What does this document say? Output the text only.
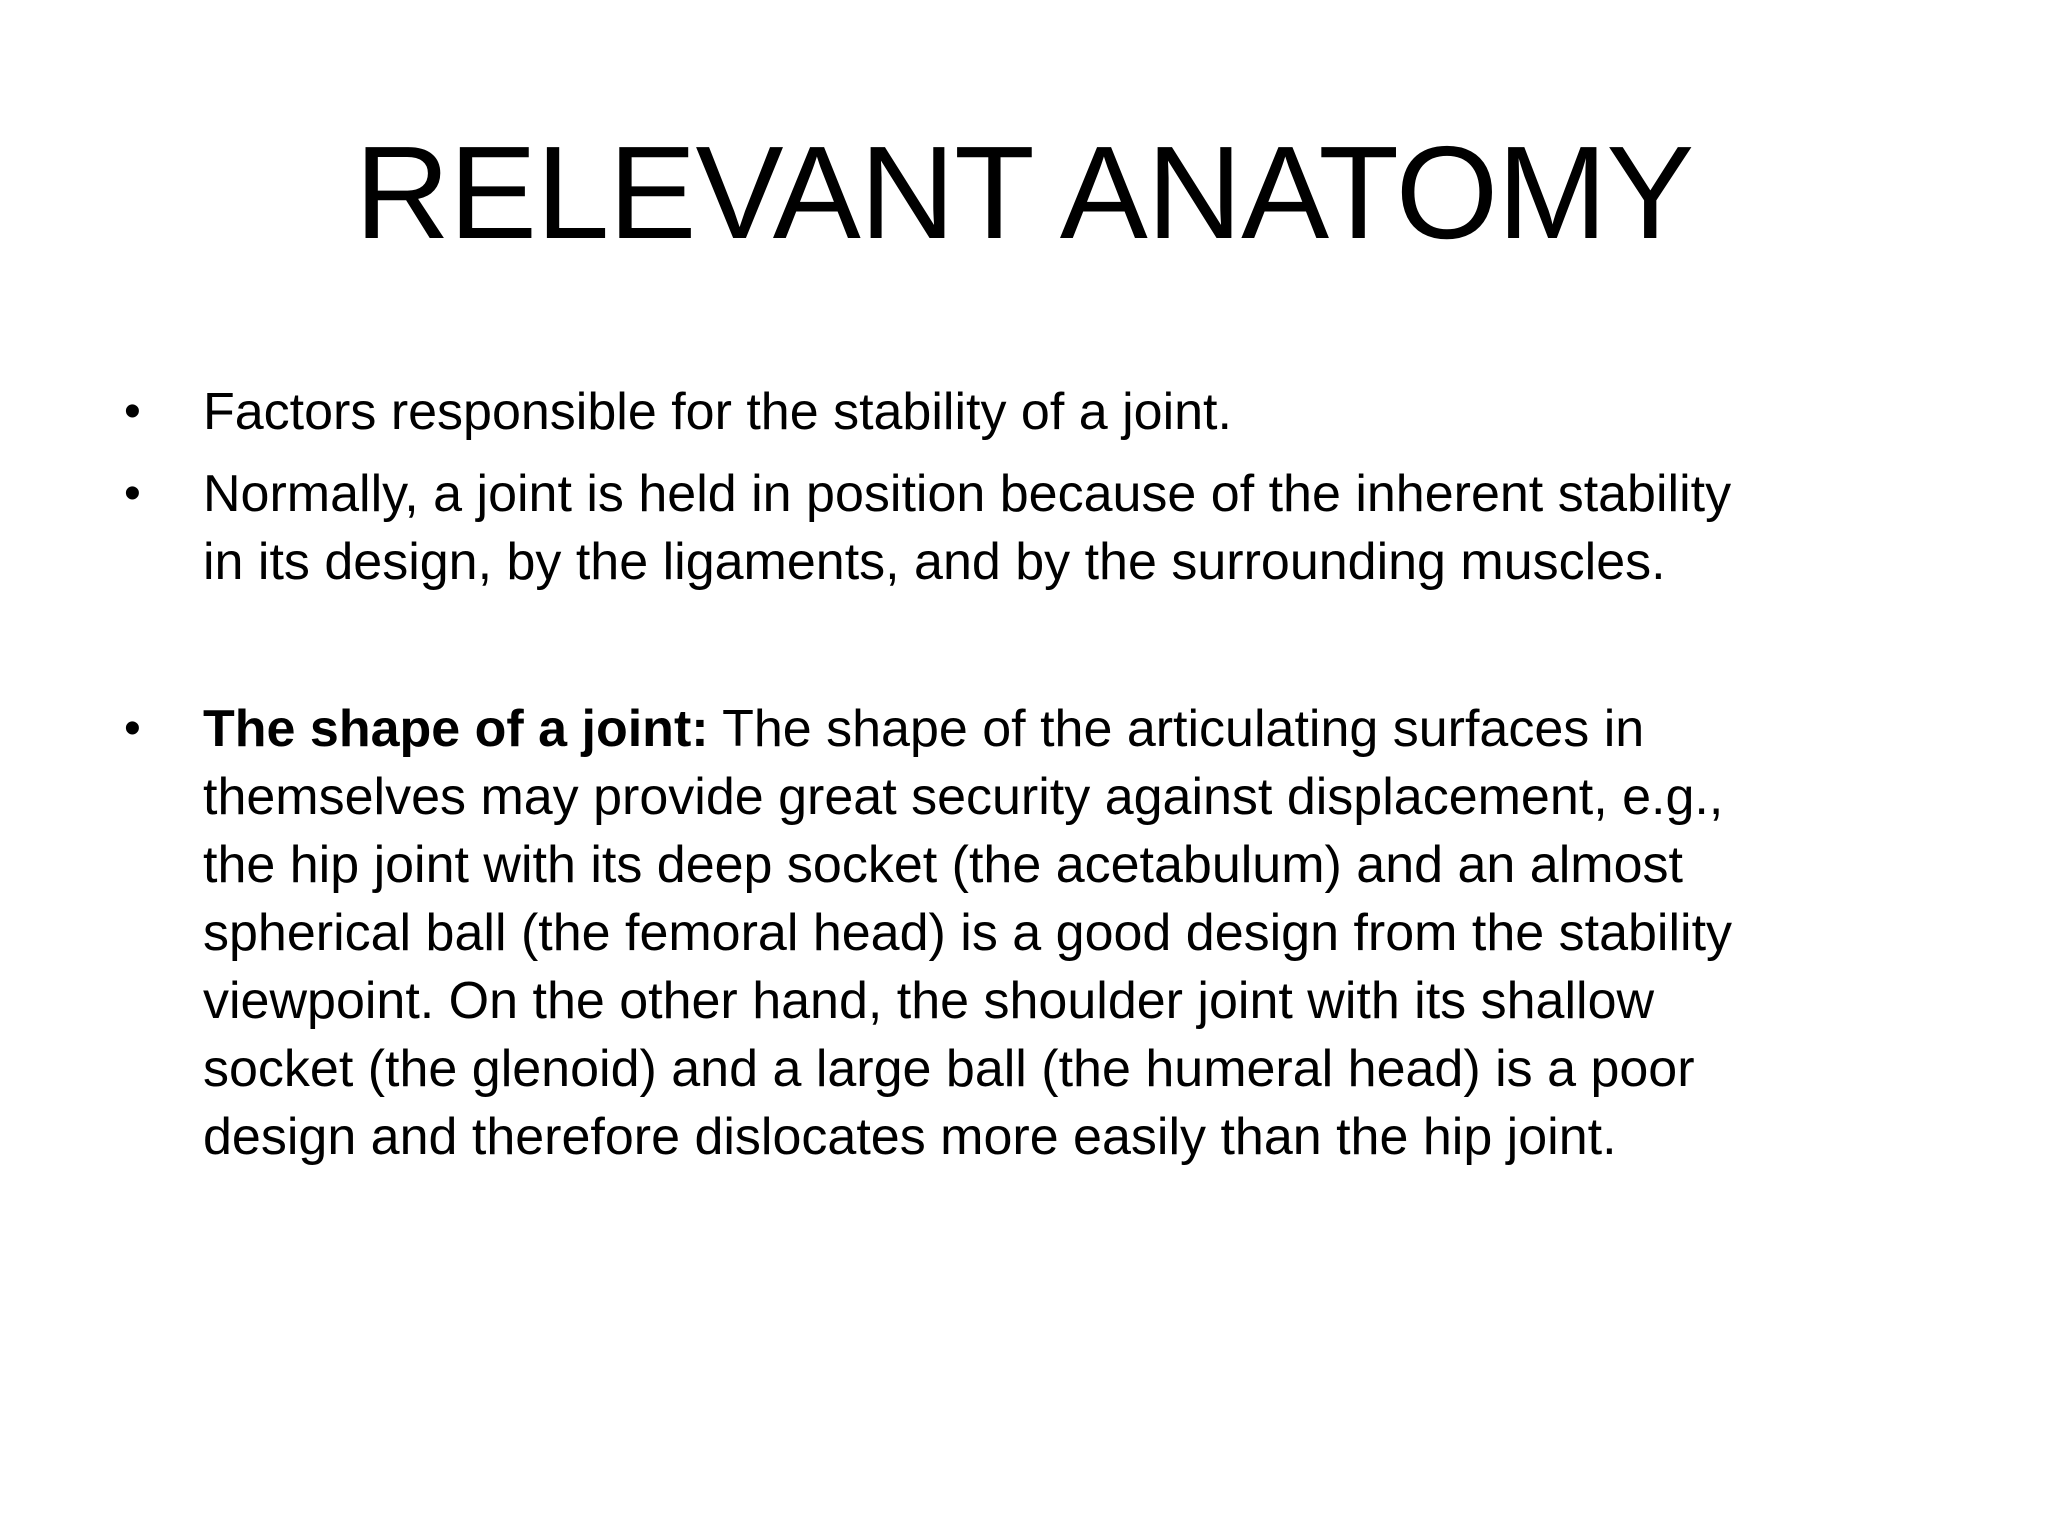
RELEVANT ANATOMY
• Factors responsible for the stability of a joint.
• Normally, a joint is held in position because of the inherent stability
in its design, by the ligaments, and by the surrounding muscles.
• The shape of a joint: The shape of the articulating surfaces in
themselves may provide great security against displacement, e.g.,
the hip joint with its deep socket (the acetabulum) and an almost
spherical ball (the femoral head) is a good design from the stability
viewpoint. On the other hand, the shoulder joint with its shallow
socket (the glenoid) and a large ball (the humeral head) is a poor
design and therefore dislocates more easily than the hip joint.
